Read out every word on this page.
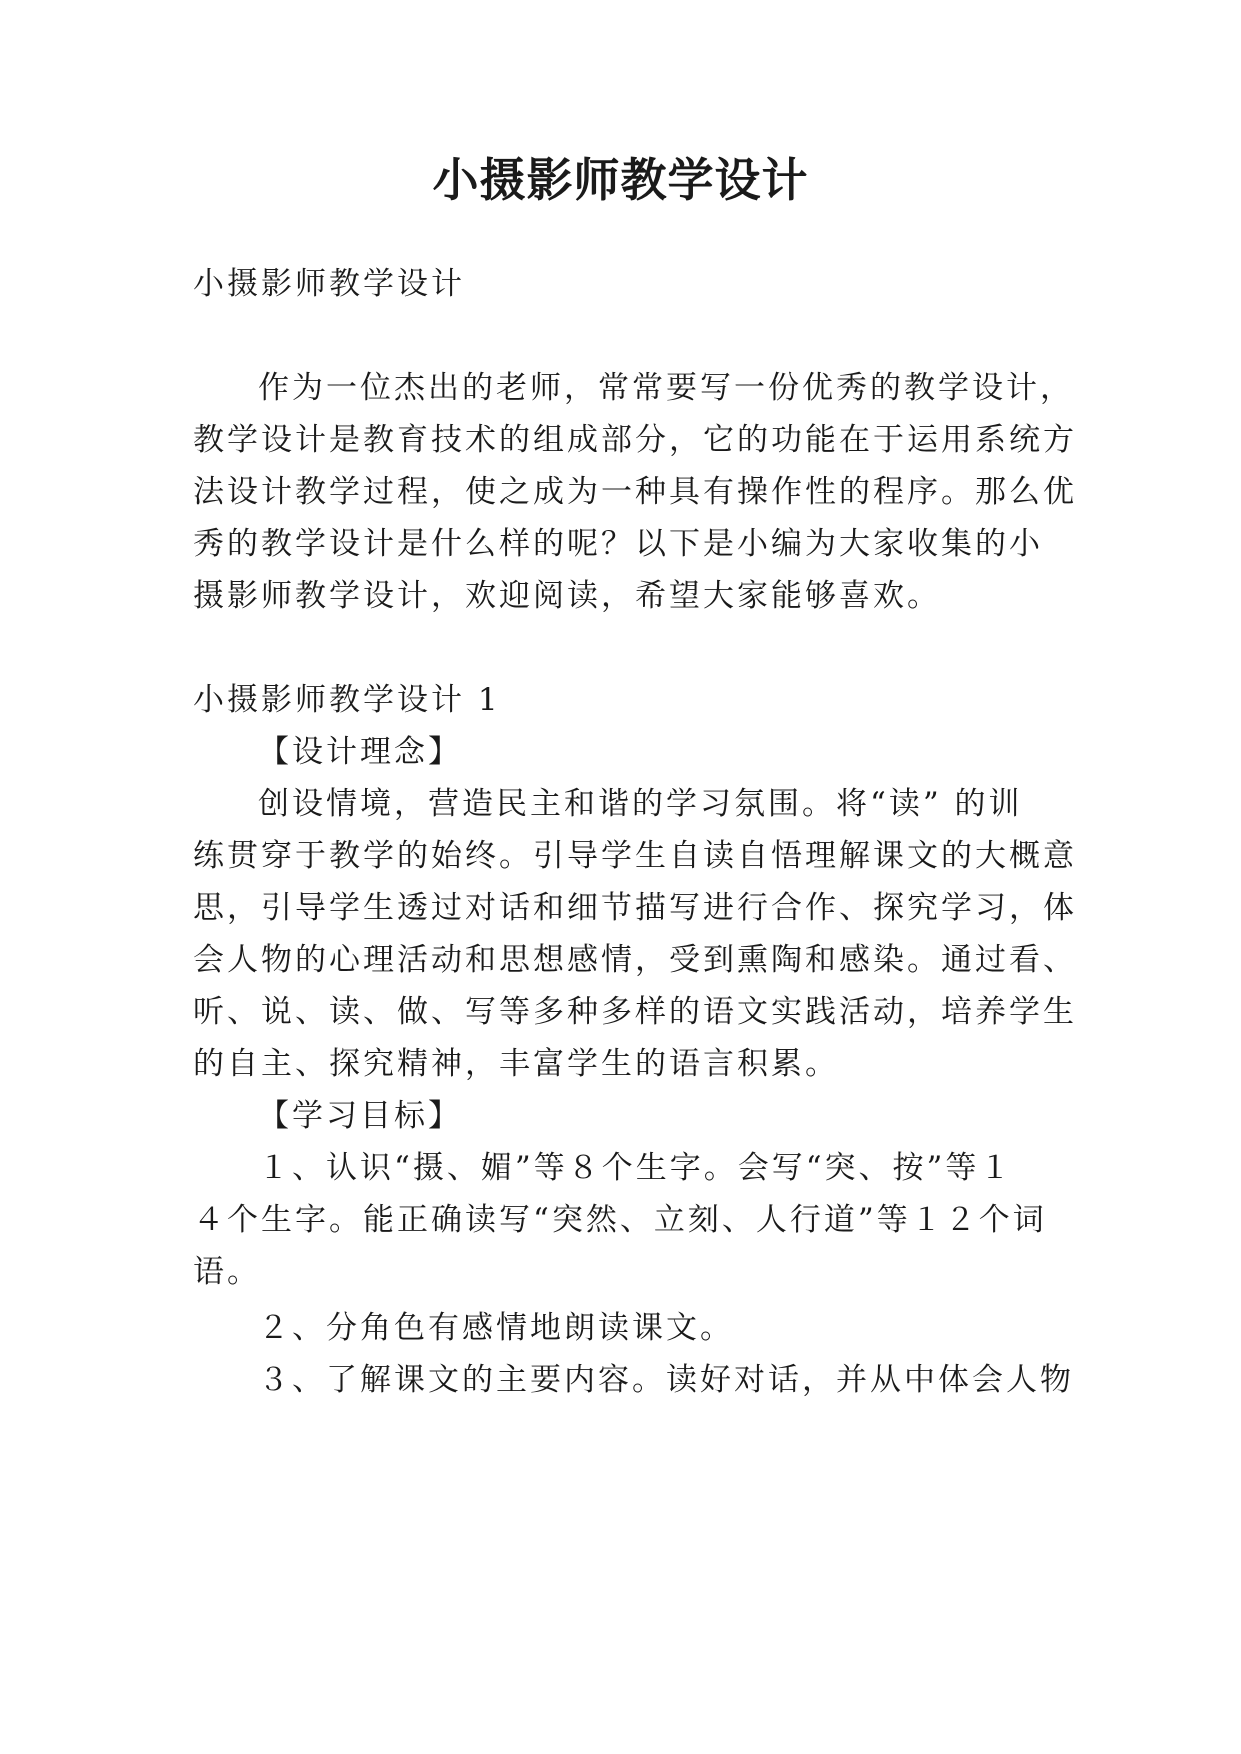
小摄影师教学设计
小摄影师教学设计
作为一位杰出的老师，常常要写一份优秀的教学设计，
教学设计是教育技术的组成部分，它的功能在于运用系统方
法设计教学过程，使之成为一种具有操作性的程序。那么优
秀的教学设计是什么样的呢？以下是小编为大家收集的小
摄影师教学设计，欢迎阅读，希望大家能够喜欢。
小摄影师教学设计 1
【设计理念】
创设情境，营造民主和谐的学习氛围。将“读” 的训
练贯穿于教学的始终。引导学生自读自悟理解课文的大概意
思，引导学生透过对话和细节描写进行合作、探究学习，体
会人物的心理活动和思想感情，受到熏陶和感染。通过看、
听、说、读、做、写等多种多样的语文实践活动，培养学生
的自主、探究精神，丰富学生的语言积累。
【学习目标】
１、认识“摄、媚”等８个生字。会写“突、按”等１
４个生字。能正确读写“突然、立刻、人行道”等１２个词
语。
２、分角色有感情地朗读课文。
３、了解课文的主要内容。读好对话，并从中体会人物
